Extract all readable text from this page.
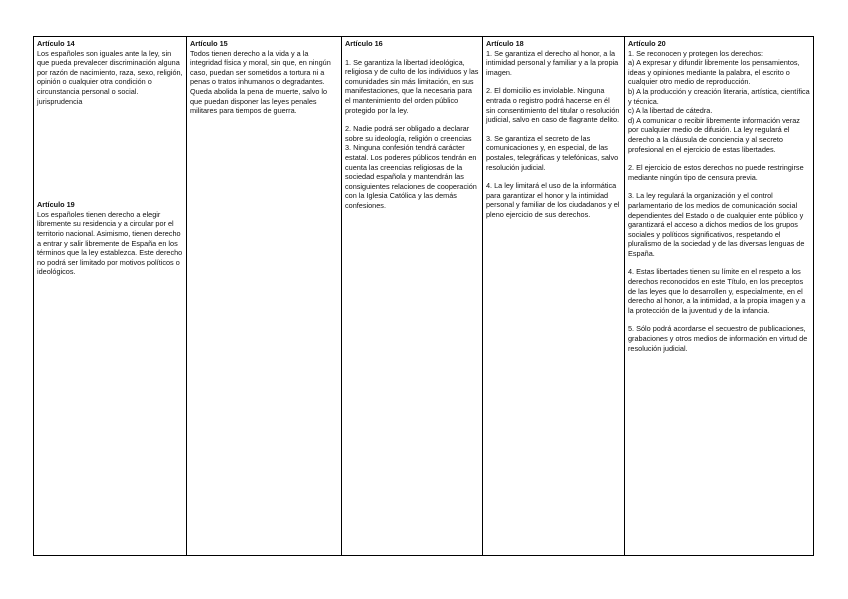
Artículo 14
Los españoles son iguales ante la ley, sin que pueda prevalecer discriminación alguna por razón de nacimiento, raza, sexo, religión, opinión o cualquier otra condición o circunstancia personal o social.
jurisprudencia
Artículo 19
Los españoles tienen derecho a elegir libremente su residencia y a circular por el territorio nacional. Asimismo, tienen derecho a entrar y salir libremente de España en los términos que la ley establezca. Este derecho no podrá ser limitado por motivos políticos o ideológicos.

Artículo 15
Todos tienen derecho a la vida y a la integridad física y moral, sin que, en ningún caso, puedan ser sometidos a tortura ni a penas o tratos inhumanos o degradantes. Queda abolida la pena de muerte, salvo lo que puedan disponer las leyes penales militares para tiempos de guerra.

Artículo 16
1. Se garantiza la libertad ideológica, religiosa y de culto de los individuos y las comunidades sin más limitación, en sus manifestaciones, que la necesaria para el mantenimiento del orden público protegido por la ley.
2. Nadie podrá ser obligado a declarar sobre su ideología, religión o creencias
3. Ninguna confesión tendrá carácter estatal. Los poderes públicos tendrán en cuenta las creencias religiosas de la sociedad española y mantendrán las consiguientes relaciones de cooperación con la Iglesia Católica y las demás confesiones.

Artículo 18
1. Se garantiza el derecho al honor, a la intimidad personal y familiar y a la propia imagen.
2. El domicilio es inviolable. Ninguna entrada o registro podrá hacerse en él sin consentimiento del titular o resolución judicial, salvo en caso de flagrante delito.
3. Se garantiza el secreto de las comunicaciones y, en especial, de las postales, telegráficas y telefónicas, salvo resolución judicial.
4. La ley limitará el uso de la informática para garantizar el honor y la intimidad personal y familiar de los ciudadanos y el pleno ejercicio de sus derechos.

Artículo 20
1. Se reconocen y protegen los derechos:
a) A expresar y difundir libremente los pensamientos, ideas y opiniones mediante la palabra, el escrito o cualquier otro medio de reproducción.
b) A la producción y creación literaria, artística, científica y técnica.
c) A la libertad de cátedra.
d) A comunicar o recibir libremente información veraz por cualquier medio de difusión. La ley regulará el derecho a la cláusula de conciencia y al secreto profesional en el ejercicio de estas libertades.
2. El ejercicio de estos derechos no puede restringirse mediante ningún tipo de censura previa.
3. La ley regulará la organización y el control parlamentario de los medios de comunicación social dependientes del Estado o de cualquier ente público y garantizará el acceso a dichos medios de los grupos sociales y políticos significativos, respetando el pluralismo de la sociedad y de las diversas lenguas de España.
4. Estas libertades tienen su límite en el respeto a los derechos reconocidos en este Título, en los preceptos de las leyes que lo desarrollen y, especialmente, en el derecho al honor, a la intimidad, a la propia imagen y a la protección de la juventud y de la infancia.
5. Sólo podrá acordarse el secuestro de publicaciones, grabaciones y otros medios de información en virtud de resolución judicial.
